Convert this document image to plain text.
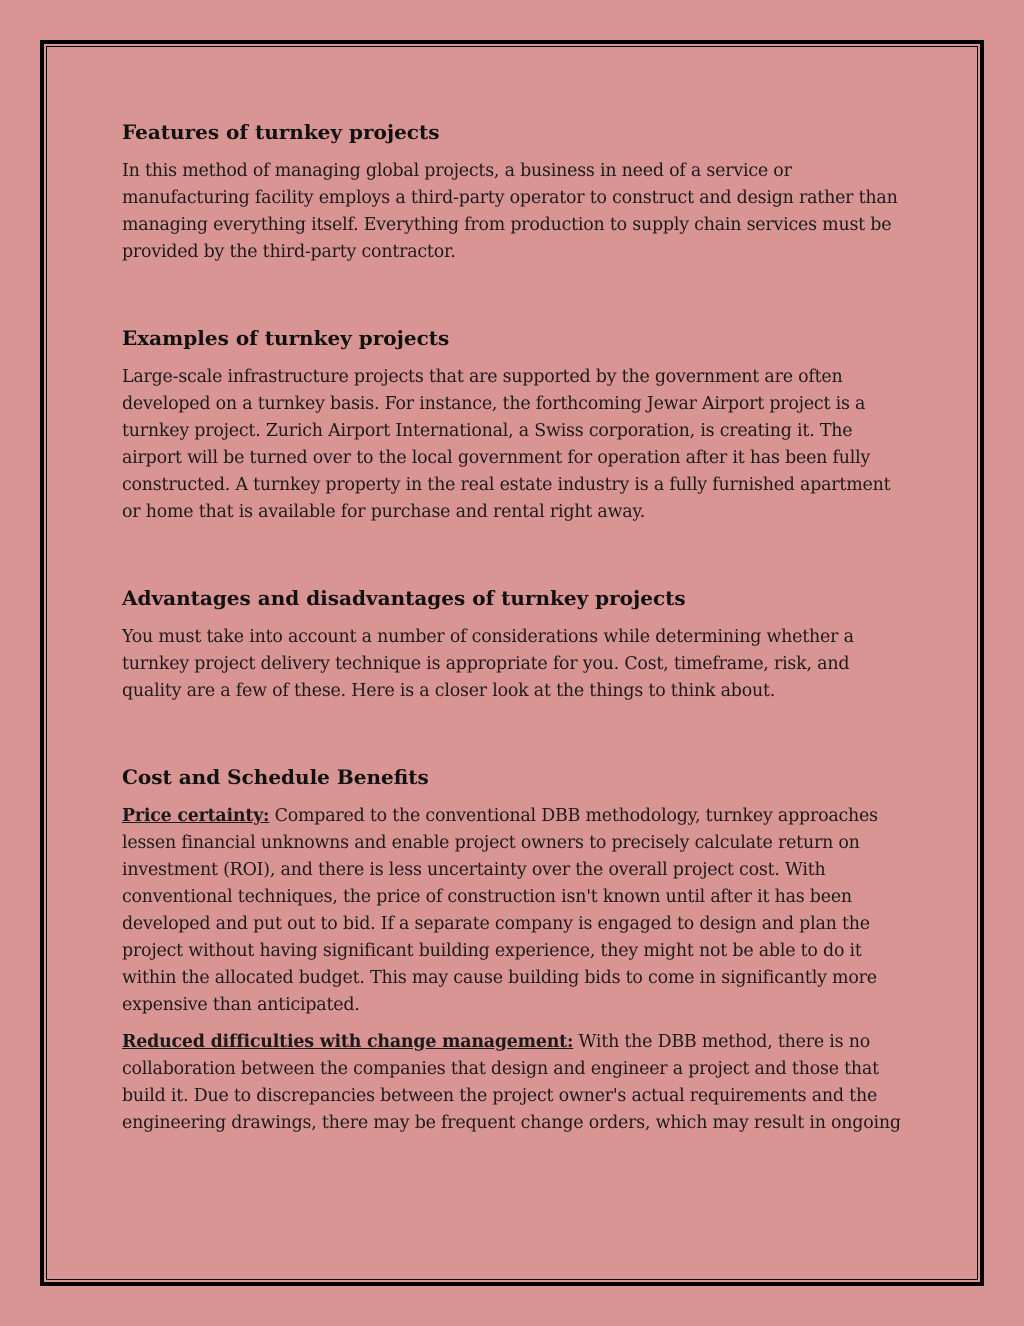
Features of turnkey projects

In this method of managing global projects, a business in need of a service or manufacturing facility employs a third-party operator to construct and design rather than managing everything itself. Everything from production to supply chain services must be provided by the third-party contractor.

Examples of turnkey projects

Large-scale infrastructure projects that are supported by the government are often developed on a turnkey basis. For instance, the forthcoming Jewar Airport project is a turnkey project. Zurich Airport International, a Swiss corporation, is creating it. The airport will be turned over to the local government for operation after it has been fully constructed. A turnkey property in the real estate industry is a fully furnished apartment or home that is available for purchase and rental right away.

Advantages and disadvantages of turnkey projects

You must take into account a number of considerations while determining whether a turnkey project delivery technique is appropriate for you. Cost, timeframe, risk, and quality are a few of these. Here is a closer look at the things to think about.

Cost and Schedule Benefits

Price certainty: Compared to the conventional DBB methodology, turnkey approaches lessen financial unknowns and enable project owners to precisely calculate return on investment (ROI), and there is less uncertainty over the overall project cost. With conventional techniques, the price of construction isn't known until after it has been developed and put out to bid. If a separate company is engaged to design and plan the project without having significant building experience, they might not be able to do it within the allocated budget. This may cause building bids to come in significantly more expensive than anticipated.

Reduced difficulties with change management: With the DBB method, there is no collaboration between the companies that design and engineer a project and those that build it. Due to discrepancies between the project owner's actual requirements and the engineering drawings, there may be frequent change orders, which may result in ongoing
